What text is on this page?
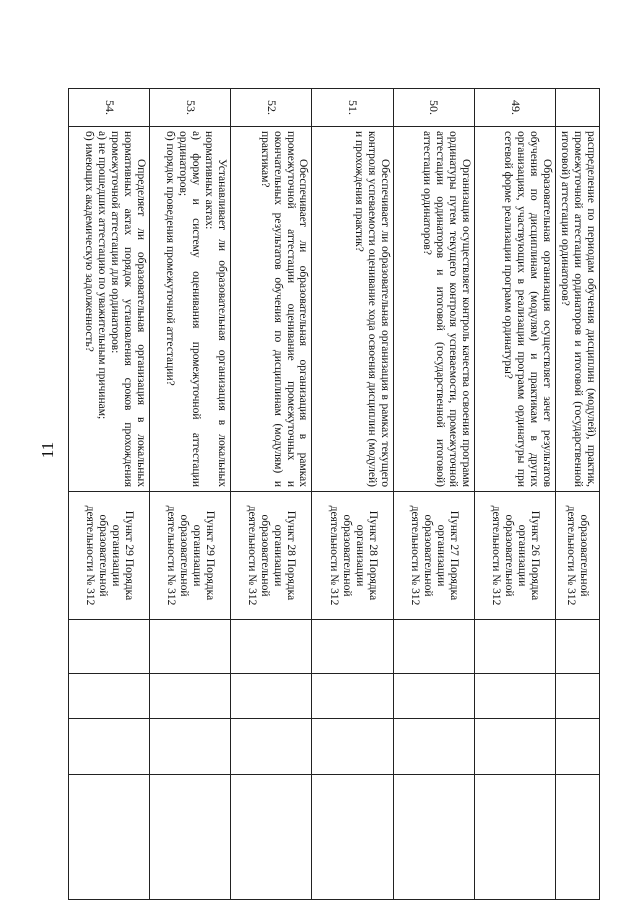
11

	распределение по периодам обучения дисциплин (модулей), практик, промежуточной аттестации ординаторов и итоговой (государственной итоговой) аттестации ординаторов?	образовательной деятельности № 312				
49.	Образовательная организация осуществляет зачет результатов обучения по дисциплинам (модулям) и практикам в других организациях, участвующих в реализации программ ординатуры при сетевой форме реализации программ ординатуры?	Пункт 26 Порядка организации образовательной деятельности № 312				
50.	Организация осуществляет контроль качества освоения программ ординатуры путем текущего контроля успеваемости, промежуточной аттестации ординаторов и итоговой (государственной итоговой) аттестации ординаторов?	Пункт 27 Порядка организации образовательной деятельности № 312				
51.	Обеспечивает ли образовательная организация в рамках текущего контроля успеваемости оценивание хода освоения дисциплин (модулей) и прохождения практик?	Пункт 28 Порядка организации образовательной деятельности № 312				
52.	Обеспечивает ли образовательная организация в рамках промежуточной аттестации оценивание промежуточных и окончательных результатов обучения по дисциплинам (модулям) и практикам?	Пункт 28 Порядка организации образовательной деятельности № 312				
53.	Устанавливает ли образовательная организация в локальных нормативных актах:

а) форму и систему оценивания промежуточной аттестации ординаторов;

б) порядок проведения промежуточной аттестации?	Пункт 29 Порядка организации образовательной деятельности № 312				
54.	Определяет ли образовательная организация в локальных нормативных актах порядок установления сроков прохождения промежуточной аттестации для ординаторов:

а) не прошедших аттестацию по уважительным причинам;

б) имеющих академическую задолженность?	Пункт 29 Порядка организации образовательной деятельности № 312				
